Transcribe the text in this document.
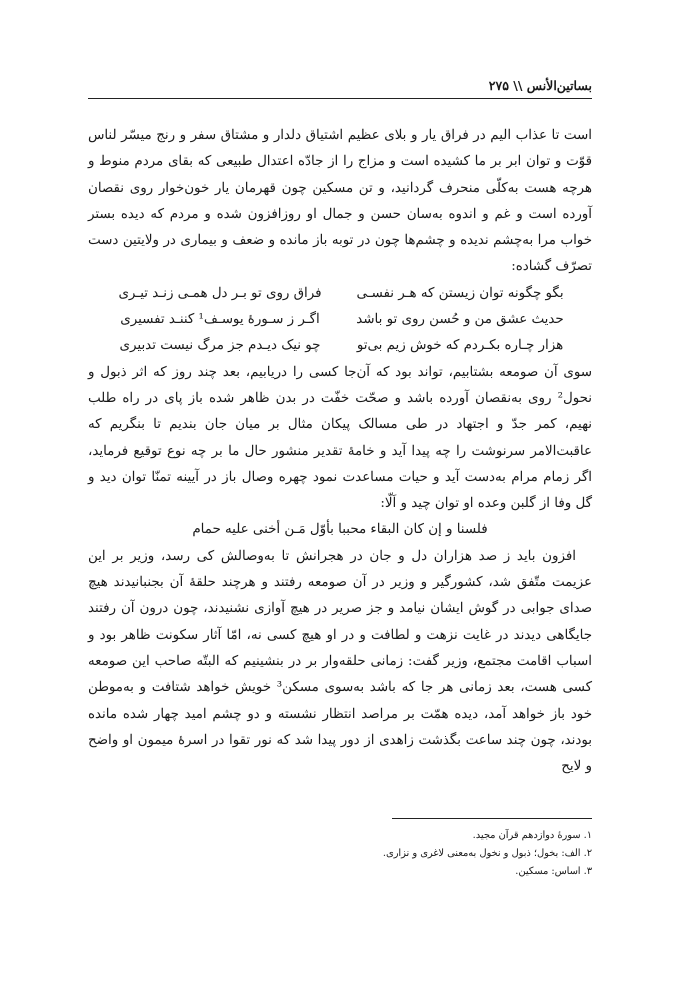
بساتین‌الأنس \\ ۲۷۵

است تا عذاب الیم در فراق یار و بلای عظیم اشتیاق دلدار و مشتاق سفر و رنج میسّر لناس قوّت و توان ابر بر ما کشیده است و مزاج را از جادّه اعتدال طبیعی که بقای مردم منوط و هرچه هست به‌کلّی منحرف گردانید، و تن مسکین چون قهرمان یار خون‌خوار روی نقصان آورده است و غم و اندوه به‌سان حسن و جمال او روزافزون شده و مردم که دیده بستر خواب مرا به‌چشم ندیده و چشم‌ها چون در توبه باز مانده و ضعف و بیماری در ولایتین دست تصرّف گشاده:

بگو چگونه توان زیستن که هـر نفسـی
فراق روی تو بـر دل همـی زنـد تیـری
حدیث عشق من و حُسن روی تو باشد
اگـر ز سـورهٔ یوسـف¹ کننـد تفسیری
هزار چـاره بکـردم که خوش زیم بی‌تو
چو نیک دیـدم جز مرگ نیست تدبیری

سوی آن صومعه بشتابیم، تواند بود که آن‌جا کسی را دریابیم، بعد چند روز که اثر ذبول و نحول² روی به‌نقصان آورده باشد و صحّت خفّت در بدن ظاهر شده باز پای در راه طلب نهیم، کمر جدّ و اجتهاد در طی مسالک پیکان مثال بر میان جان بندیم تا بنگریم که عاقبت‌الامر سرنوشت را چه پیدا آید و خامهٔ تقدیر منشور حال ما بر چه نوع توقیع فرماید، اگر زمام مرام به‌دست آید و حیات مساعدت نمود چهره وصال باز در آیینه تمنّا توان دید و گل وفا از گلبن وعده او توان چید و اَلّا:

فلسنا و إن کان البقاء محببا بأوّل مَـن أخنی علیه حمام

افزون باید ز صد هزاران دل و جان در هجرانش تا به‌وصالش کی رسد، وزیر بر این عزیمت متّفق شد، کشورگیر و وزیر در آن صومعه رفتند و هرچند حلقهٔ آن بجنبانیدند هیچ صدای جوابی در گوش ایشان نیامد و جز صریر در هیچ آوازی نشنیدند، چون درون آن رفتند جایگاهی دیدند در غایت نزهت و لطافت و در او هیچ کسی نه، امّا آثار سکونت ظاهر بود و اسباب اقامت مجتمع، وزیر گفت: زمانی حلقه‌وار بر در بنشینیم که البتّه صاحب این صومعه کسی هست، بعد زمانی هر جا که باشد به‌سوی مسکن³ خویش خواهد شتافت و به‌موطن خود باز خواهد آمد، دیده همّت بر مراصد انتظار نشسته و دو چشم امید چهار شده مانده بودند، چون چند ساعت بگذشت زاهدی از دور پیدا شد که نور تقوا در اسرهٔ میمون او واضح و لایح

۱. سورهٔ دوازدهم قرآن مجید.
۲. الف: بخول؛ ذبول و نخول به‌معنی لاغری و نزاری.
۳. اساس: مسکین.
